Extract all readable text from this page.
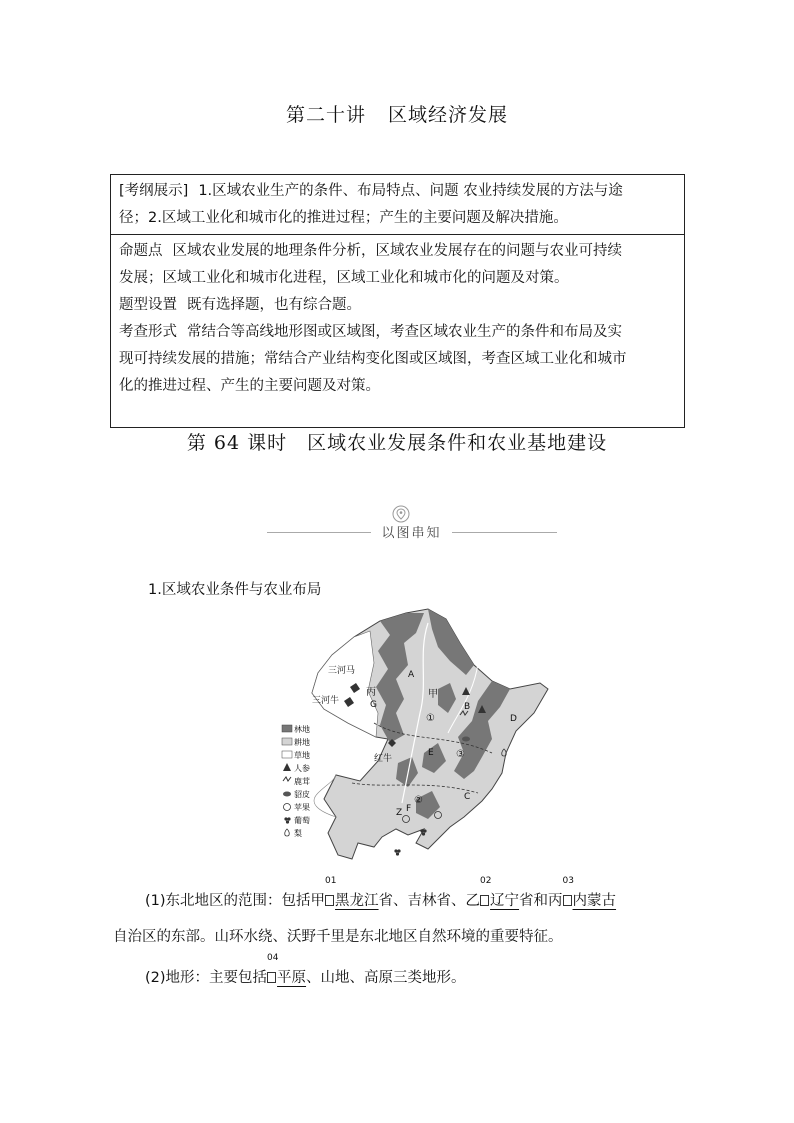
第二十讲 区域经济发展

[考纲展示] 1.区域农业生产的条件、布局特点、问题 农业持续发展的方法与途

径；2.区域工业化和城市化的推进过程；产生的主要问题及解决措施。

命题点 区域农业发展的地理条件分析，区域农业发展存在的问题与农业可持续

发展；区域工业化和城市化进程，区域工业化和城市化的问题及对策。

题型设置 既有选择题，也有综合题。

考查形式 常结合等高线地形图或区域图，考查区域农业生产的条件和布局及实

现可持续发展的措施；常结合产业结构变化图或区域图，考查区域工业化和城市

化的推进过程、产生的主要问题及对策。

第 64 课时 区域农业发展条件和农业基地建设
以图串知
1.区域农业条件与农业布局
林地
耕地
草地
人参
鹿茸
貂皮
苹果
葡萄
梨
三河马
三河牛
丙	甲
红牛
A
B
C
D
E
F
G
Z
①
②
③

(1)东北地区的范围：包括甲
01
黑龙江省、吉林省、乙
02
辽宁省和丙
03
内蒙古
自治区的东部。山环水绕、沃野千里是东北地区自然环境的重要特征。
(2)地形：主要包括
04
平原、山地、高原三类地形。
